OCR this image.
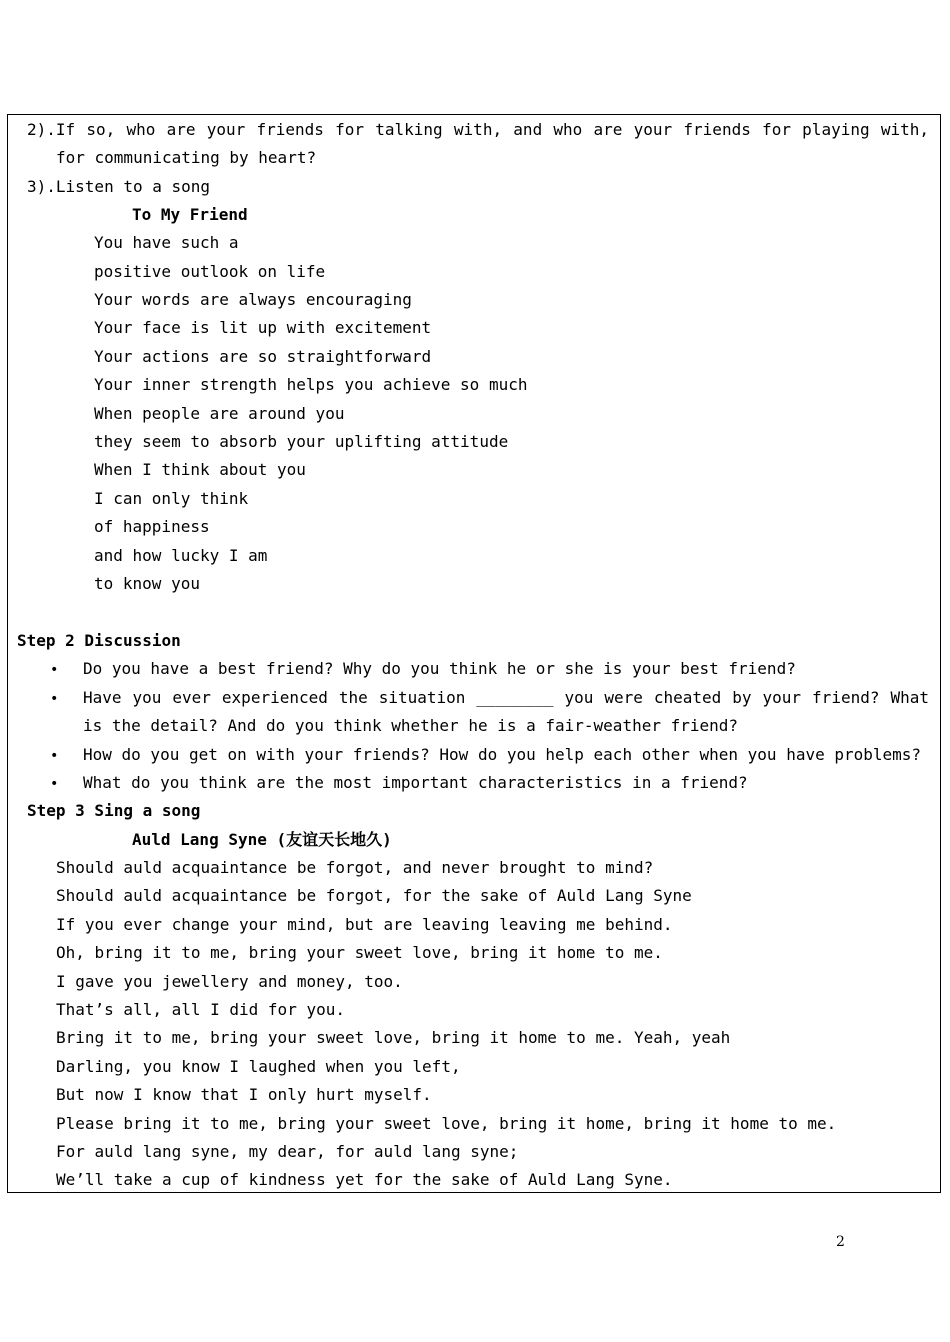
2).If so, who are your friends for talking with, and who are your friends for playing with,
for communicating by heart?
3).Listen to a song
To My Friend
You have such a
positive outlook on life
Your words are always encouraging
Your face is lit up with excitement
Your actions are so straightforward
Your inner strength helps you achieve so much
When people are around you
they seem to absorb your uplifting attitude
When I think about you
I can only think
of happiness
and how lucky I am
to know you
Step 2 Discussion
• Do you have a best friend? Why do you think he or she is your best friend?
• Have you ever experienced the situation ________ you were cheated by your friend? What
is the detail? And do you think whether he is a fair-weather friend?
• How do you get on with your friends? How do you help each other when you have problems?
• What do you think are the most important characteristics in a friend?
Step 3 Sing a song
Auld Lang Syne (友谊天长地久)
Should auld acquaintance be forgot, and never brought to mind?
Should auld acquaintance be forgot, for the sake of Auld Lang Syne
If you ever change your mind, but are leaving leaving me behind.
Oh, bring it to me, bring your sweet love, bring it home to me.
I gave you jewellery and money, too.
That’s all, all I did for you.
Bring it to me, bring your sweet love, bring it home to me. Yeah, yeah
Darling, you know I laughed when you left,
But now I know that I only hurt myself.
Please bring it to me, bring your sweet love, bring it home, bring it home to me.
For auld lang syne, my dear, for auld lang syne;
We’ll take a cup of kindness yet for the sake of Auld Lang Syne.
2
